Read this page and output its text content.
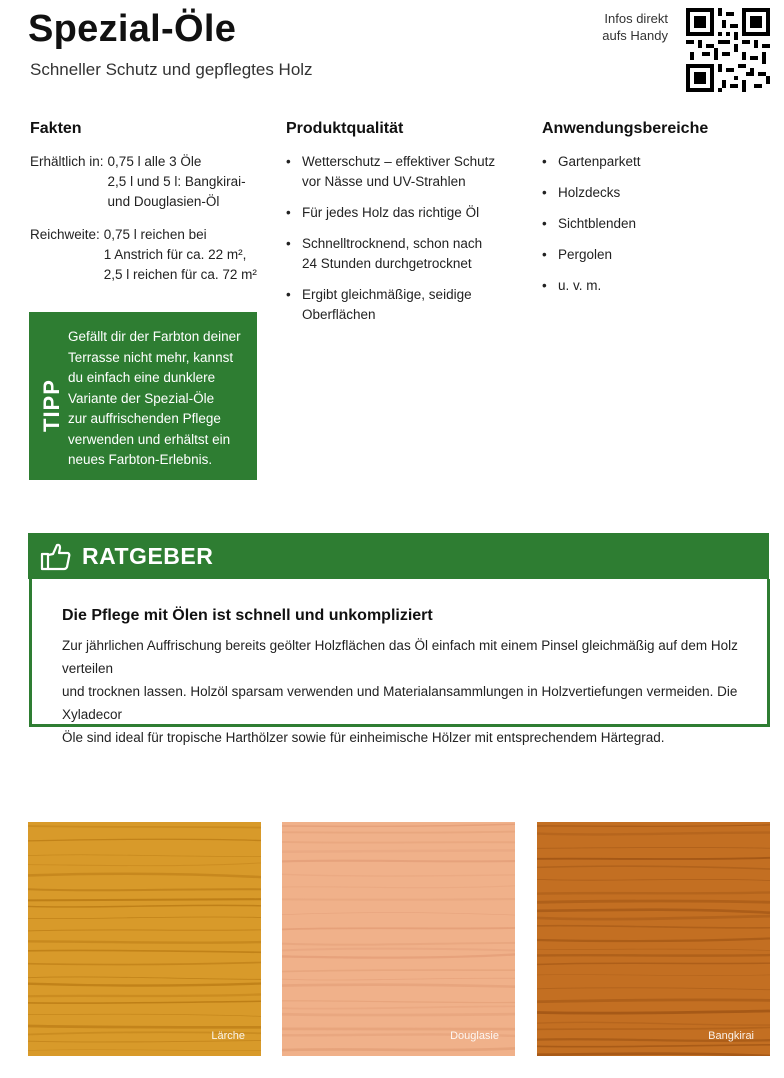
Spezial-Öle
Schneller Schutz und gepflegtes Holz
Infos direkt
aufs Handy
Fakten
Erhältlich in: 0,75 l alle 3 Öle
2,5 l und 5 l: Bangkirai-
und Douglasien-Öl
Reichweite: 0,75 l reichen bei
1 Anstrich für ca. 22 m²,
2,5 l reichen für ca. 72 m²
Produktqualität
• Wetterschutz – effektiver Schutz
vor Nässe und UV-Strahlen
• Für jedes Holz das richtige Öl
• Schnelltrocknend, schon nach
24 Stunden durchgetrocknet
• Ergibt gleichmäßige, seidige
Oberflächen
Anwendungsbereiche
• Gartenparkett
• Holzdecks
• Sichtblenden
• Pergolen
• u. v. m.
TIPP
Gefällt dir der Farbton deiner
Terrasse nicht mehr, kannst
du einfach eine dunklere
Variante der Spezial-Öle
zur auffrischenden Pflege
verwenden und erhältst ein
neues Farbton-Erlebnis.
RATGEBER
Die Pflege mit Ölen ist schnell und unkompliziert
Zur jährlichen Auffrischung bereits geölter Holzflächen das Öl einfach mit einem Pinsel gleichmäßig auf dem Holz verteilen
und trocknen lassen. Holzöl sparsam verwenden und Materialansammlungen in Holzvertiefungen vermeiden. Die Xyladecor
Öle sind ideal für tropische Harthölzer sowie für einheimische Hölzer mit entsprechendem Härtegrad.
Lärche	Douglasie	Bangkirai
